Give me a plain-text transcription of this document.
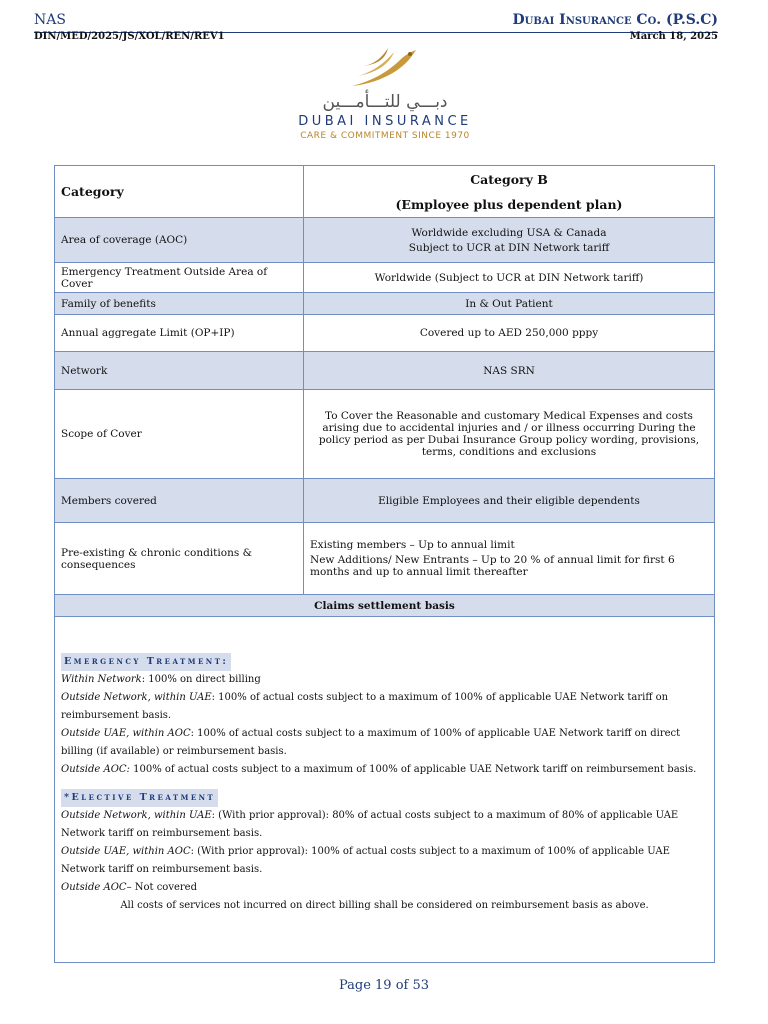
NAS	Dubai Insurance Co. (P.S.C)
DIN/MED/2025/JS/XOL/REN/REV1	March 18, 2025
دبـــي للتـــأمـــين
DUBAI INSURANCE
CARE & COMMITMENT SINCE 1970
Category	Category B
(Employee plus dependent plan)

Area of coverage (AOC)	Worldwide excluding USA & Canada

Subject to UCR at DIN Network tariff

Emergency Treatment Outside Area of Cover	Worldwide (Subject to UCR at DIN Network tariff)
Family of benefits	In & Out Patient
Annual aggregate Limit (OP+IP)	Covered up to AED 250,000 pppy
Network	NAS SRN
Scope of Cover	To Cover the Reasonable and customary Medical Expenses and costs arising due to accidental injuries and / or illness occurring During the policy period as per Dubai Insurance Group policy wording, provisions, terms, conditions and exclusions
Members covered	Eligible Employees and their eligible dependents
Pre-existing & chronic conditions & consequences	Existing members – Up to annual limit

New Additions/ New Entrants – Up to 20 % of annual limit for first 6 months and up to annual limit thereafter

Claims settlement basis	
Emergency Treatment:

Within Network: 100% on direct billing

Outside Network, within UAE: 100% of actual costs subject to a maximum of 100% of applicable UAE Network tariff on reimbursement basis.

Outside UAE, within AOC: 100% of actual costs subject to a maximum of 100% of applicable UAE Network tariff on direct billing (if available) or reimbursement basis.

Outside AOC: 100% of actual costs subject to a maximum of 100% of applicable UAE Network tariff on reimbursement basis.

*Elective Treatment

Outside Network, within UAE: (With prior approval): 80% of actual costs subject to a maximum of 80% of applicable UAE Network tariff on reimbursement basis.

Outside UAE, within AOC: (With prior approval): 100% of actual costs subject to a maximum of 100% of applicable UAE Network tariff on reimbursement basis.

Outside AOC– Not covered

All costs of services not incurred on direct billing shall be considered on reimbursement basis as above.

Page 19 of 53
